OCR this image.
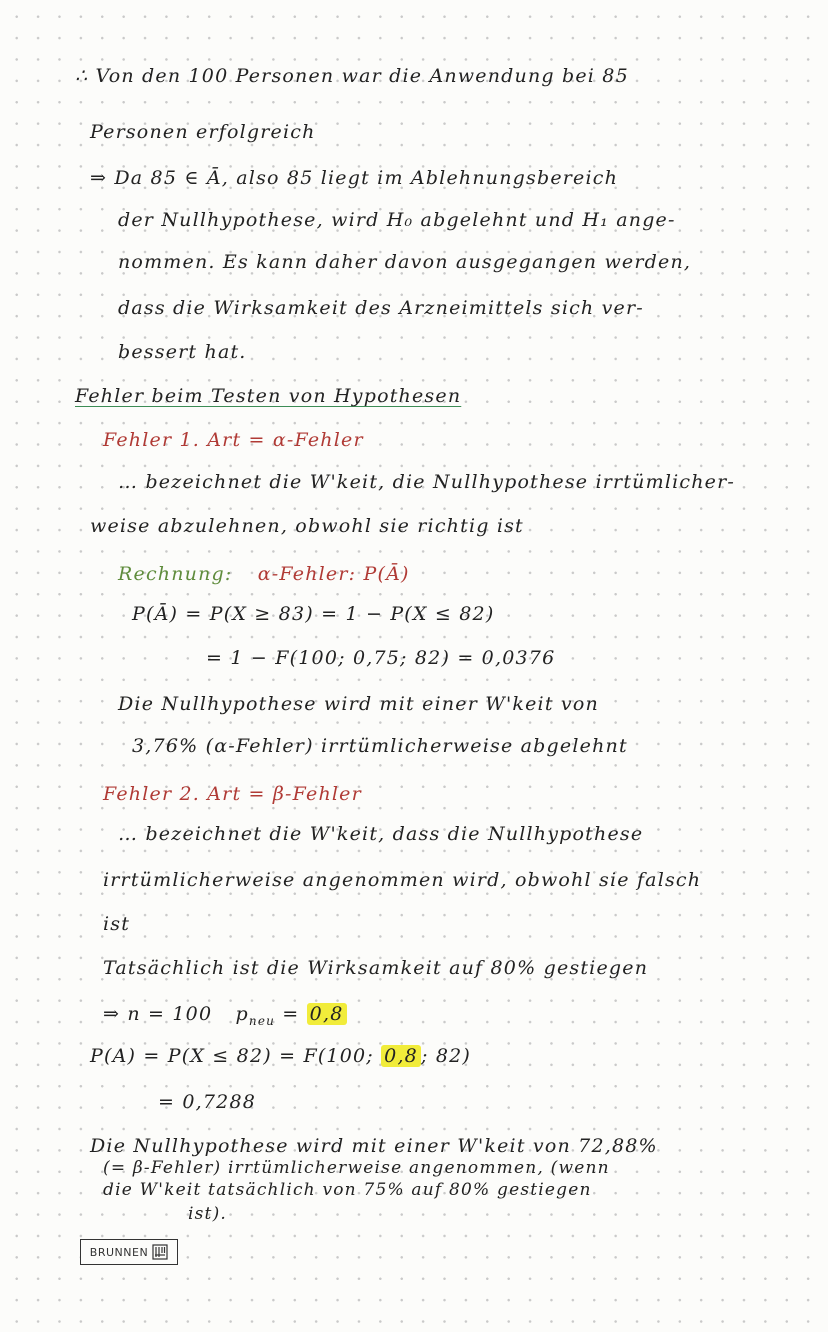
∴ Von den 100 Personen war die Anwendung bei 85
Personen erfolgreich
⇒ Da 85 ∈ Ā, also 85 liegt im Ablehnungsbereich
der Nullhypothese, wird H₀ abgelehnt und H₁ ange-
nommen. Es kann daher davon ausgegangen werden,
dass die Wirksamkeit des Arzneimittels sich ver-
bessert hat.
Fehler beim Testen von Hypothesen
Fehler 1. Art = α-Fehler
… bezeichnet die W'keit, die Nullhypothese irrtümlicher-
weise abzulehnen, obwohl sie richtig ist
Rechnung: α-Fehler: P(Ā)
P(Ā) = P(X ≥ 83) = 1 − P(X ≤ 82)
= 1 − F(100; 0,75; 82) = 0,0376
Die Nullhypothese wird mit einer W'keit von
3,76% (α-Fehler) irrtümlicherweise abgelehnt
Fehler 2. Art = β-Fehler
… bezeichnet die W'keit, dass die Nullhypothese
irrtümlicherweise angenommen wird, obwohl sie falsch
ist
Tatsächlich ist die Wirksamkeit auf 80% gestiegen
⇒ n = 100 $p_{neu} = 0,8$
P(A) = P(X ≤ 82) = F(100; 0,8 ; 82)
= 0,7288
Die Nullhypothese wird mit einer W'keit von 72,88%
(= β-Fehler) irrtümlicherweise angenommen, (wenn
die W'keit tatsächlich von 75% auf 80% gestiegen
ist).
BRUNNEN
